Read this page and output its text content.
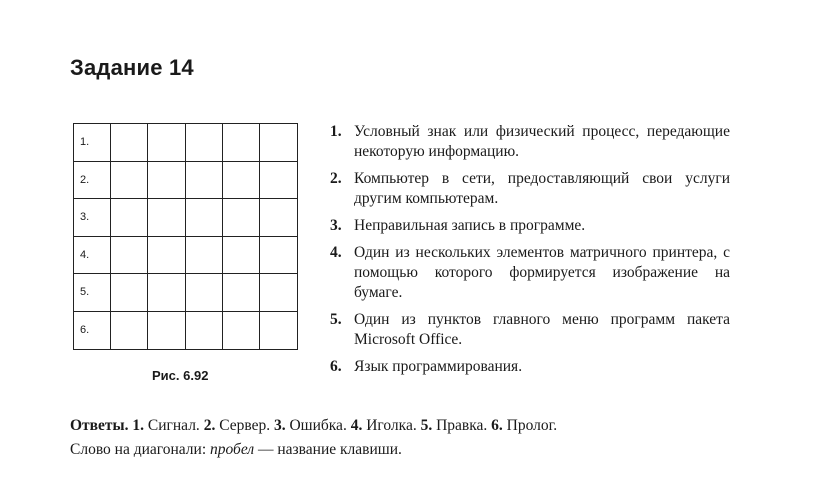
Задание 14
1.
2.
3.
4.
5.
6.
Рис. 6.92
1. Условный знак или физический процесс, передающие некоторую информацию.
2. Компьютер в сети, предоставляющий свои услуги другим компьютерам.
3. Неправильная запись в программе.
4. Один из нескольких элементов матричного принтера, с помощью которого формируется изображение на бумаге.
5. Один из пунктов главного меню программ пакета Microsoft Office.
6. Язык программирования.
Ответы. 1. Сигнал. 2. Сервер. 3. Ошибка. 4. Иголка. 5. Правка. 6. Пролог.
Слово на диагонали: пробел — название клавиши.
